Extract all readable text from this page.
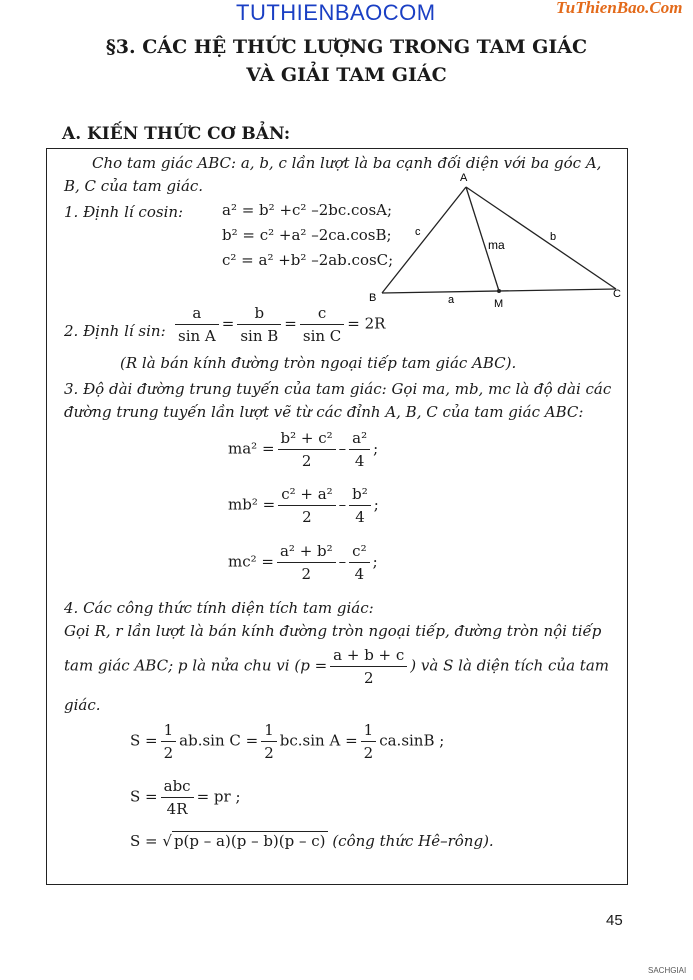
TUTHIENBAOCOM	TuThienBao.Com
§3. CÁC HỆ THỨC LƯỢNG TRONG TAM GIÁC
VÀ GIẢI TAM GIÁC
A. KIẾN THỨC CƠ BẢN:
Cho tam giác ABC: a, b, c lần lượt là ba cạnh đối diện với ba góc A,
B, C của tam giác.
1. Định lí cosin:	a² = b² +c² –2bc.cosA;
b² = c² +a² –2ca.cosB;
c² = a² +b² –2ab.cosC;
A
B	C
M
a
b
c
ma
2. Định lí sin: $\frac{a}{\text{sin A}} = \frac{b}{\text{sin B}} = \frac{c}{\text{sin C}} = 2R$
(R là bán kính đường tròn ngoại tiếp tam giác ABC).
3. Độ dài đường trung tuyến của tam giác: Gọi ma, mb, mc là độ dài các
đường trung tuyến lần lượt vẽ từ các đỉnh A, B, C của tam giác ABC:
$ma^2 = \frac{\text{b² + c²}}{2} - \frac{\text{a²}}{4}$ ;
$mb^2 = \frac{\text{c² + a²}}{2} - \frac{\text{b²}}{4}$ ;
$mc^2 = \frac{\text{a² + b²}}{2} - \frac{\text{c²}}{4}$ ;
4. Các công thức tính diện tích tam giác:
Gọi R, r lần lượt là bán kính đường tròn ngoại tiếp, đường tròn nội tiếp
tam giác ABC; p là nửa chu vi ($p = \frac{a + b + c}{2}$ ) và S là diện tích của tam
giác.
$S = \frac{1}{2} ab.\sin$ $C = \frac{1}{2} bc.\sin$ $A = \frac{1}{2} ca.\sin B$ ;
$S = \frac{\text{abc}}{4R}$ = pr ;
S = √ p(p – a)(p – b)(p – c) (công thức Hê–rông).
45
SACHGIAI
